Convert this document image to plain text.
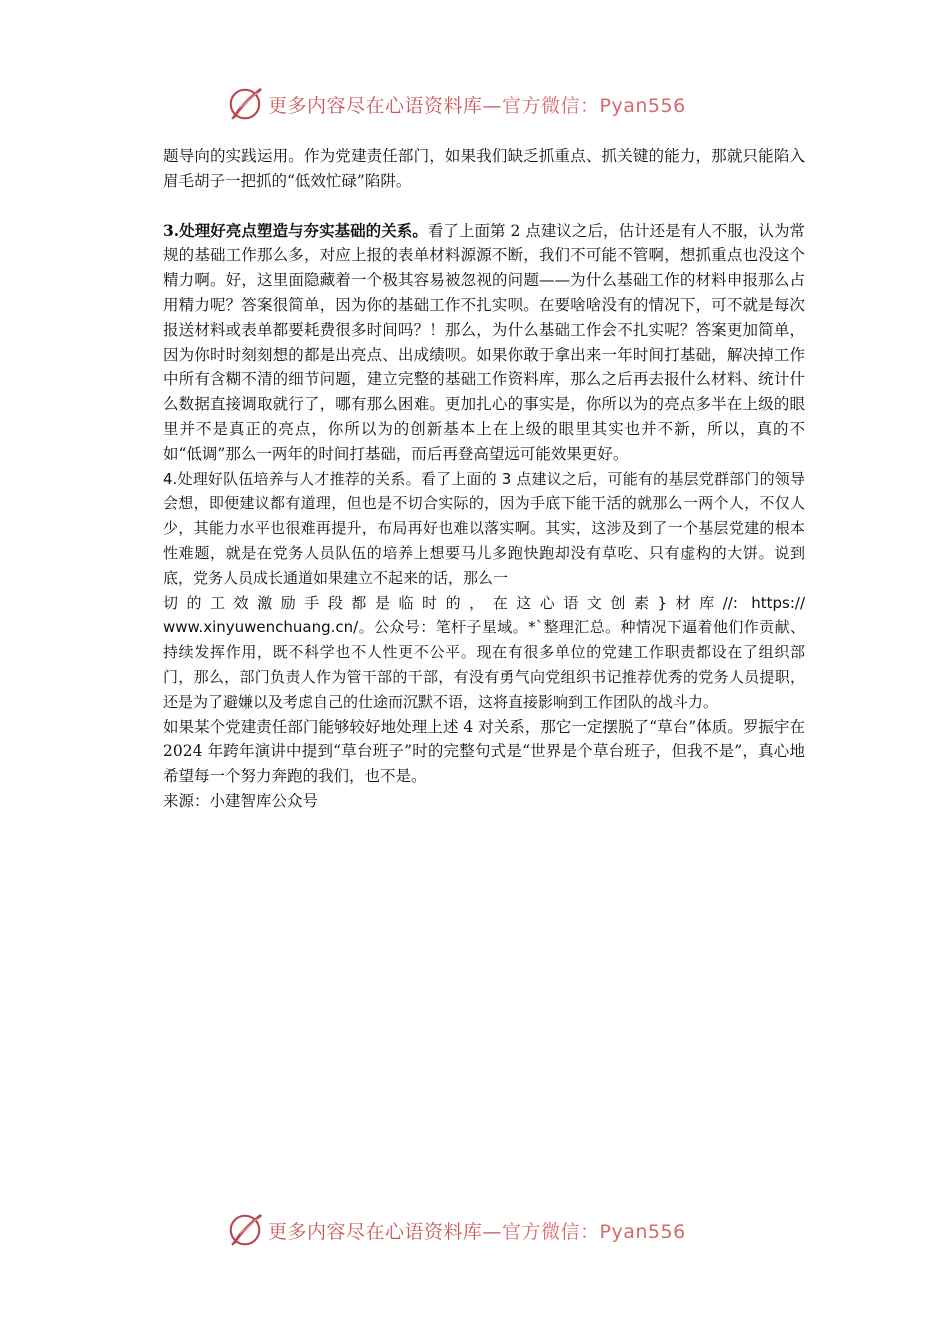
更多内容尽在心语资料库—官方微信：Pyan556

题导向的实践运用。作为党建责任部门，如果我们缺乏抓重点、抓关键的能力，那就只能陷入眉毛胡子一把抓的“低效忙碌”陷阱。

3.处理好亮点塑造与夯实基础的关系。看了上面第 2 点建议之后，估计还是有人不服，认为常规的基础工作那么多，对应上报的表单材料源源不断，我们不可能不管啊，想抓重点也没这个精力啊。好，这里面隐藏着一个极其容易被忽视的问题——为什么基础工作的材料申报那么占用精力呢？答案很简单，因为你的基础工作不扎实呗。在要啥啥没有的情况下，可不就是每次报送材料或表单都要耗费很多时间吗？！那么，为什么基础工作会不扎实呢？答案更加简单，因为你时时刻刻想的都是出亮点、出成绩呗。如果你敢于拿出来一年时间打基础，解决掉工作中所有含糊不清的细节问题，建立完整的基础工作资料库，那么之后再去报什么材料、统计什么数据直接调取就行了，哪有那么困难。更加扎心的事实是，你所以为的亮点多半在上级的眼里并不是真正的亮点，你所以为的创新基本上在上级的眼里其实也并不新，所以，真的不如“低调”那么一两年的时间打基础，而后再登高望远可能效果更好。

4.处理好队伍培养与人才推荐的关系。看了上面的 3 点建议之后，可能有的基层党群部门的领导会想，即便建议都有道理，但也是不切合实际的，因为手底下能干活的就那么一两个人，不仅人少，其能力水平也很难再提升，布局再好也难以落实啊。其实，这涉及到了一个基层党建的根本性难题，就是在党务人员队伍的培养上想要马儿多跑快跑却没有草吃、只有虚构的大饼。说到底，党务人员成长通道如果建立不起来的话，那么一

切的工效激励手段都是临时的，在这心语文创素}材库//: https://

www.xinyuwenchuang.cn/。公众号：笔杆子星域。*`整理汇总。种情况下逼着他们作贡献、持续发挥作用，既不科学也不人性更不公平。现在有很多单位的党建工作职责都设在了组织部门，那么，部门负责人作为管干部的干部，有没有勇气向党组织书记推荐优秀的党务人员提职，还是为了避嫌以及考虑自己的仕途而沉默不语，这将直接影响到工作团队的战斗力。

如果某个党建责任部门能够较好地处理上述 4 对关系，那它一定摆脱了“草台”体质。罗振宇在 2024 年跨年演讲中提到“草台班子”时的完整句式是“世界是个草台班子，但我不是”，真心地希望每一个努力奔跑的我们，也不是。

来源：小建智库公众号

更多内容尽在心语资料库—官方微信：Pyan556
